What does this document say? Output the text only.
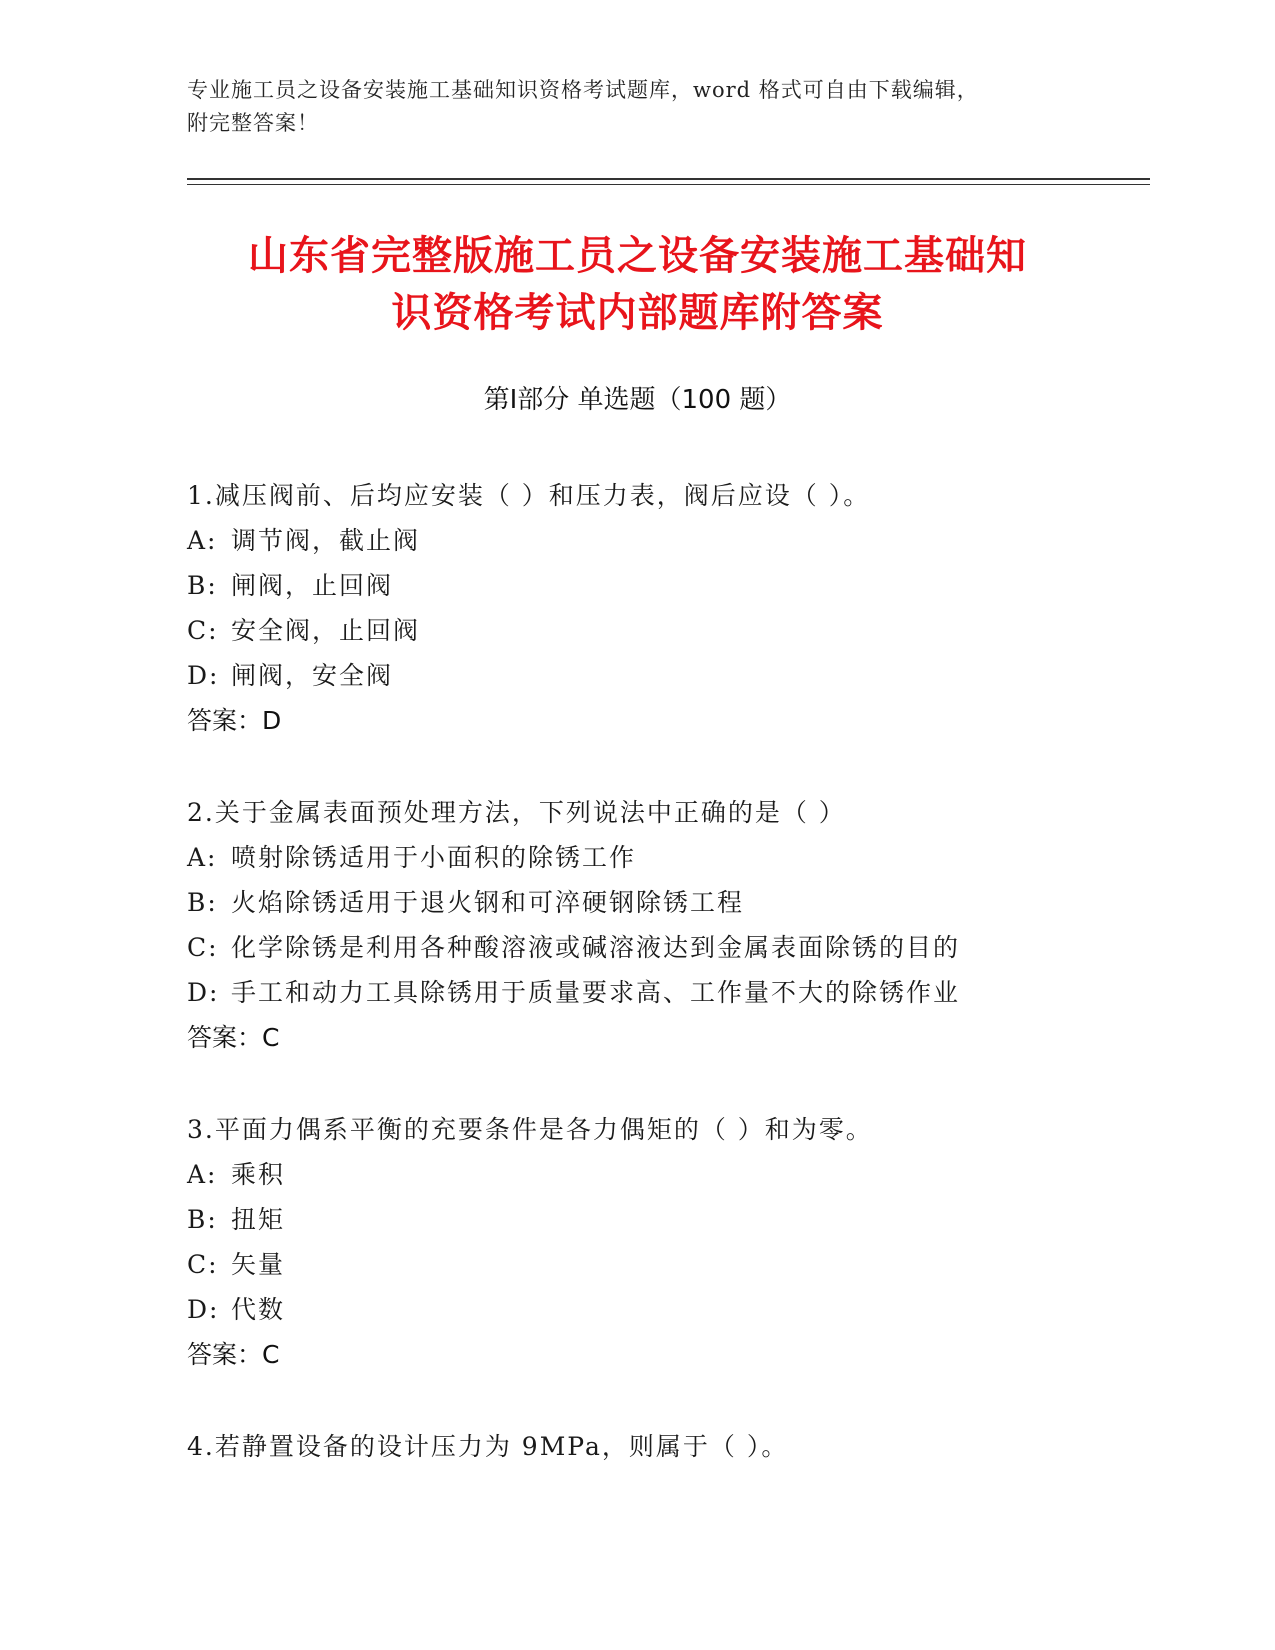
专业施工员之设备安装施工基础知识资格考试题库，word 格式可自由下载编辑，
附完整答案！
山东省完整版施工员之设备安装施工基础知
识资格考试内部题库附答案
第Ⅰ部分 单选题（100 题）
1.减压阀前、后均应安装（ ）和压力表，阀后应设（ ）。
A: 调节阀，截止阀
B: 闸阀，止回阀
C: 安全阀，止回阀
D: 闸阀，安全阀
答案：D
2.关于金属表面预处理方法，下列说法中正确的是（ ）
A: 喷射除锈适用于小面积的除锈工作
B: 火焰除锈适用于退火钢和可淬硬钢除锈工程
C: 化学除锈是利用各种酸溶液或碱溶液达到金属表面除锈的目的
D: 手工和动力工具除锈用于质量要求高、工作量不大的除锈作业
答案：C
3.平面力偶系平衡的充要条件是各力偶矩的（ ）和为零。
A: 乘积
B: 扭矩
C: 矢量
D: 代数
答案：C
4.若静置设备的设计压力为 9MPa，则属于（ ）。
